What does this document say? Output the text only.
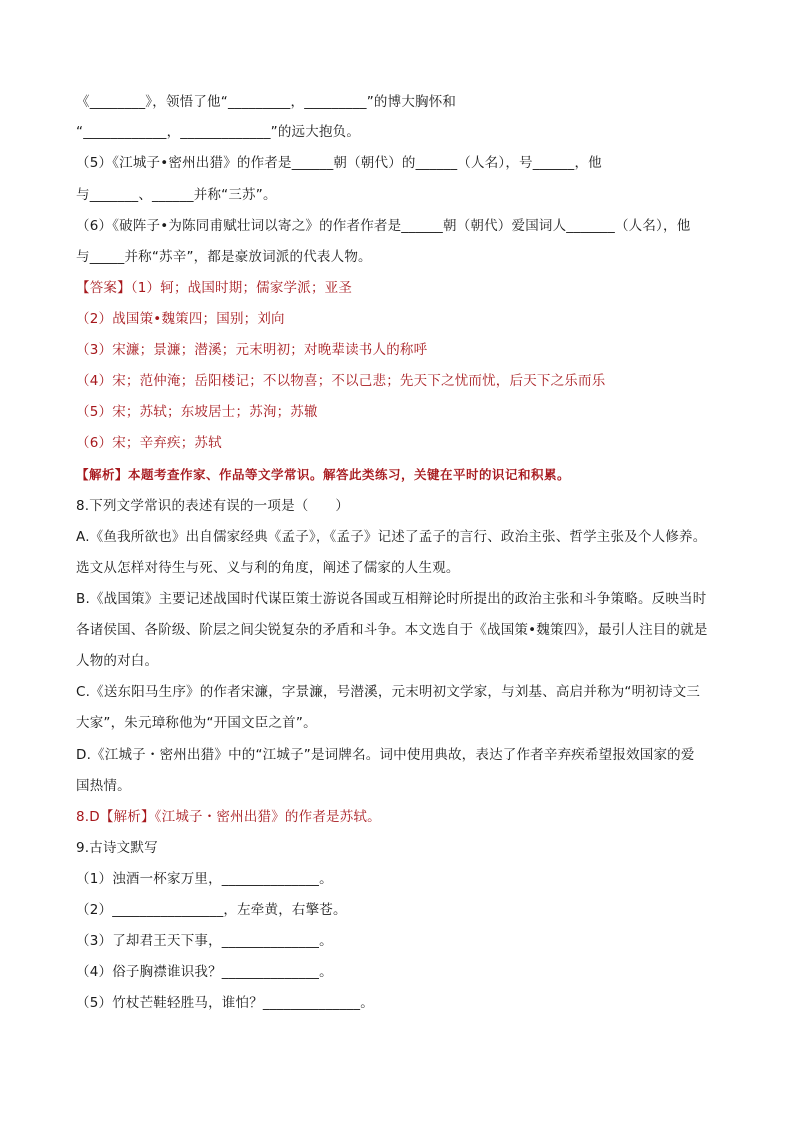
《________》，领悟了他“_________，_________”的博大胸怀和
“____________，_____________”的远大抱负。
（5）《江城子•密州出猎》的作者是______朝（朝代）的______（人名），号______，他
与_______、______并称“三苏”。
（6）《破阵子•为陈同甫赋壮词以寄之》的作者作者是______朝（朝代）爱国词人_______（人名），他
与_____并称“苏辛”，都是豪放词派的代表人物。
【答案】（1）轲；战国时期；儒家学派；亚圣
（2）战国策•魏策四；国别；刘向
（3）宋濂；景濂；潜溪；元末明初；对晚辈读书人的称呼
（4）宋；范仲淹；岳阳楼记；不以物喜；不以己悲；先天下之忧而忧，后天下之乐而乐
（5）宋；苏轼；东坡居士；苏洵；苏辙
（6）宋；辛弃疾；苏轼
【解析】本题考查作家、作品等文学常识。解答此类练习，关键在平时的识记和积累。
8.下列文学常识的表述有误的一项是（      ）
A.《鱼我所欲也》出自儒家经典《孟子》，《孟子》记述了孟子的言行、政治主张、哲学主张及个人修养。
选文从怎样对待生与死、义与利的角度，阐述了儒家的人生观。
B.《战国策》主要记述战国时代谋臣策士游说各国或互相辩论时所提出的政治主张和斗争策略。反映当时
各诸侯国、各阶级、阶层之间尖锐复杂的矛盾和斗争。本文选自于《战国策•魏策四》，最引人注目的就是
人物的对白。
C.《送东阳马生序》的作者宋濂，字景濂，号潜溪，元末明初文学家，与刘基、高启并称为“明初诗文三
大家”，朱元璋称他为“开国文臣之首”。
D.《江城子・密州出猎》中的“江城子”是词牌名。词中使用典故，表达了作者辛弃疾希望报效国家的爱
国热情。
8.D【解析】《江城子・密州出猎》的作者是苏轼。
9.古诗文默写
（1）浊酒一杯家万里，______________。
（2）________________，左牵黄，右擎苍。
（3）了却君王天下事，______________。
（4）俗子胸襟谁识我？______________。
（5）竹杖芒鞋轻胜马，谁怕？______________。
